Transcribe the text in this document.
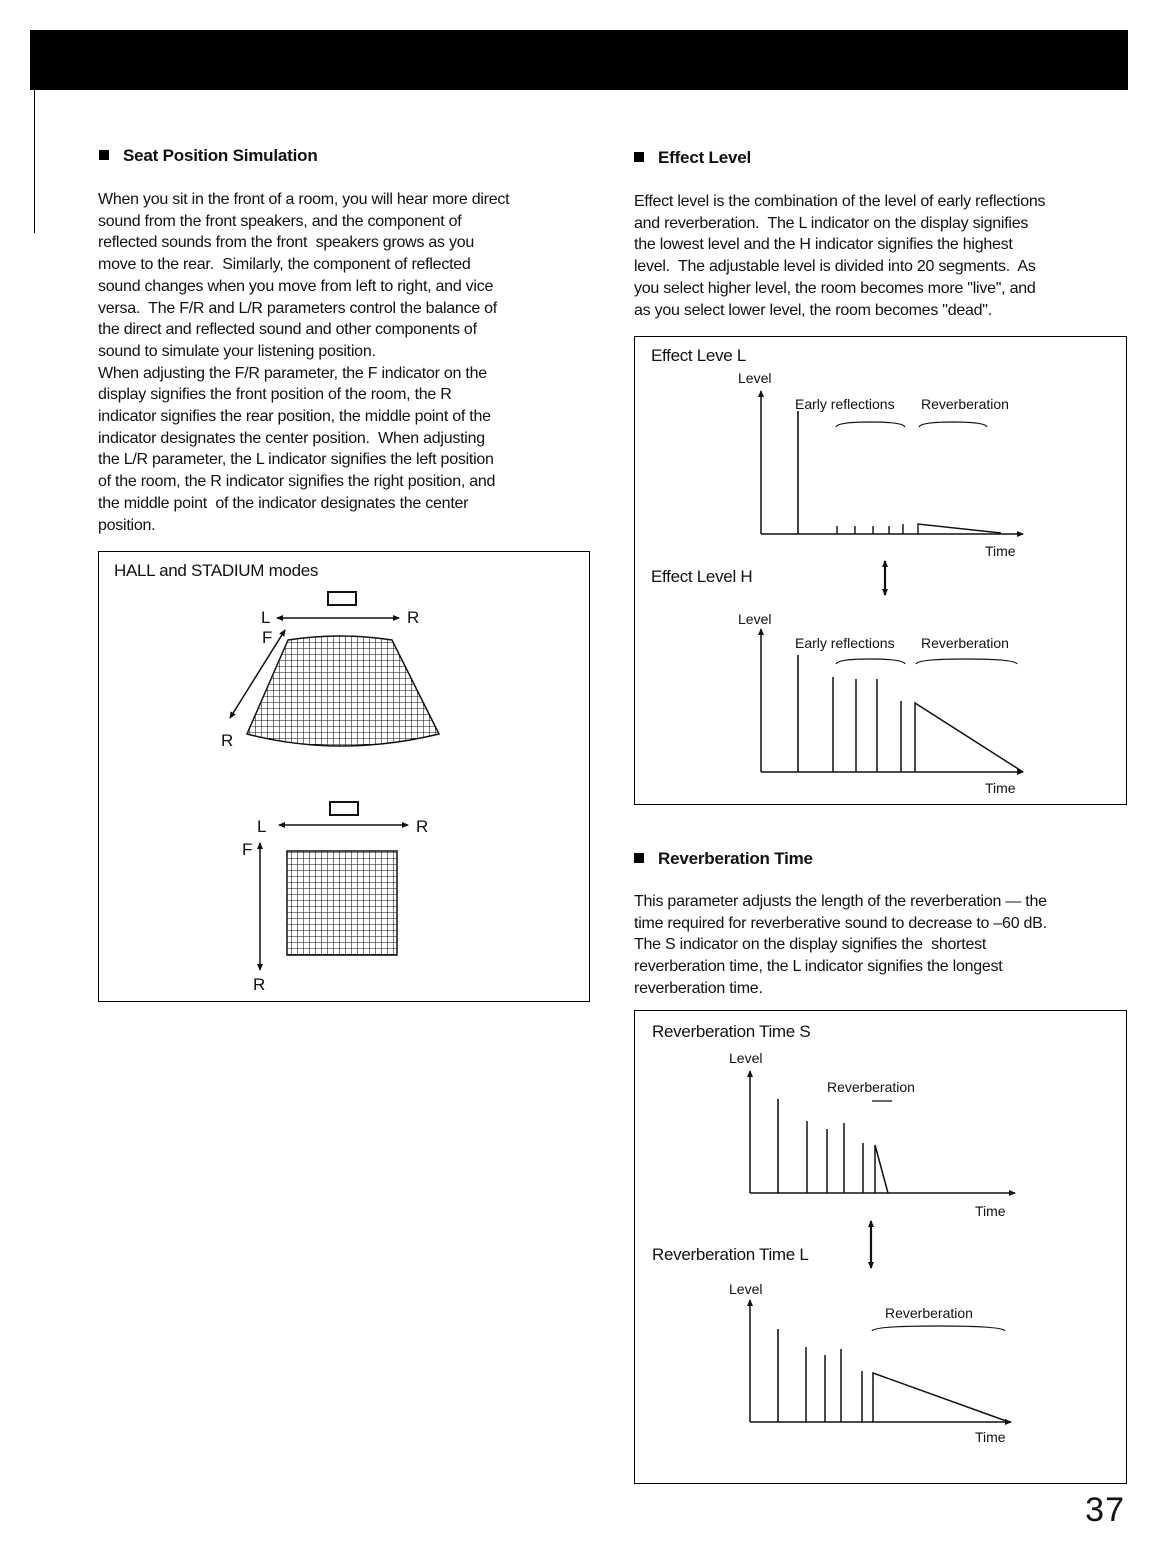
Seat Position Simulation
When you sit in the front of a room, you will hear more direct
sound from the front speakers, and the component of
reflected sounds from the front  speakers grows as you
move to the rear.  Similarly, the component of reflected
sound changes when you move from left to right, and vice
versa.  The F/R and L/R parameters control the balance of
the direct and reflected sound and other components of
sound to simulate your listening position.
When adjusting the F/R parameter, the F indicator on the
display signifies the front position of the room, the R
indicator signifies the rear position, the middle point of the
indicator designates the center position.  When adjusting
the L/R parameter, the L indicator signifies the left position
of the room, the R indicator signifies the right position, and
the middle point  of the indicator designates the center
position.
HALL and STADIUM modes
L	R
F
R
L	R
F
R
Effect Level
Effect level is the combination of the level of early reflections
and reverberation.  The L indicator on the display signifies
the lowest level and the H indicator signifies the highest
level.  The adjustable level is divided into 20 segments.  As
you select higher level, the room becomes more "live", and
as you select lower level, the room becomes "dead".
Effect Leve L
Effect Level H
Level
Early reflections Reverberation
Time
Level
Early reflections Reverberation
Time
Reverberation Time
This parameter adjusts the length of the reverberation — the
time required for reverberative sound to decrease to –60 dB.
The S indicator on the display signifies the  shortest
reverberation time, the L indicator signifies the longest
reverberation time.
Reverberation Time S
Reverberation Time L
Level
Reverberation
Time
Level
Reverberation
Time
37
